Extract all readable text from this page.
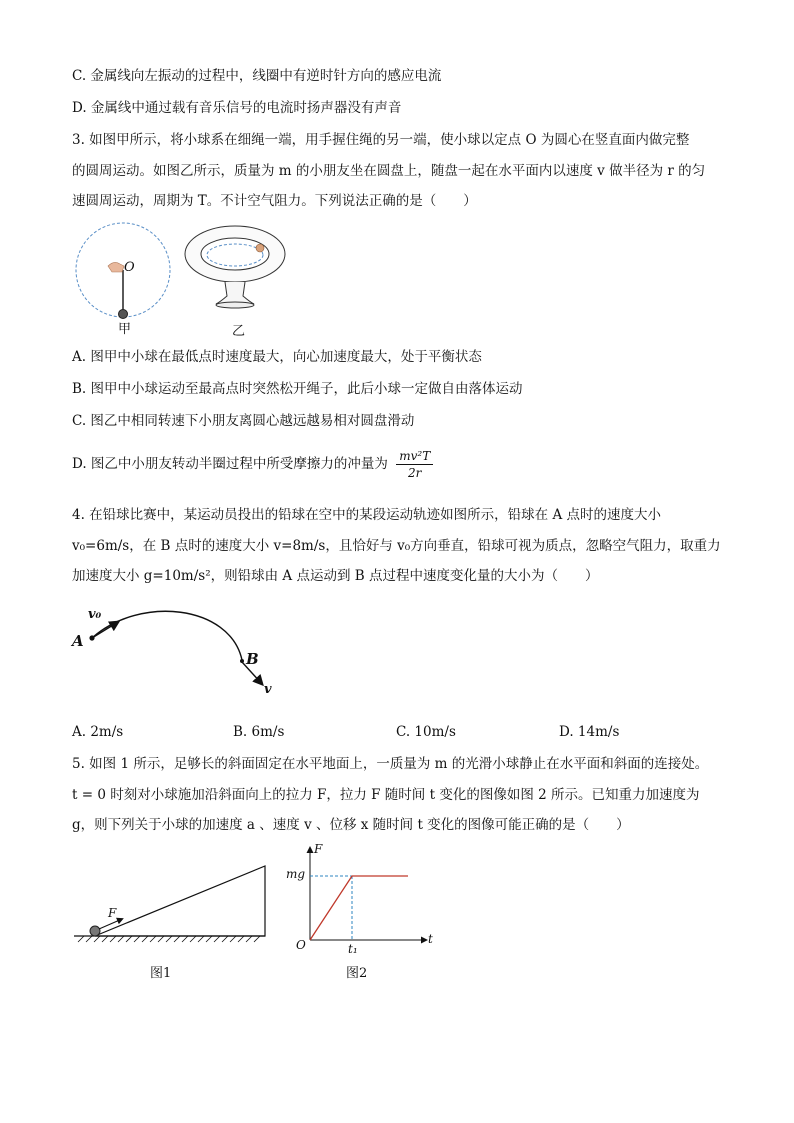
C. 金属线向左振动的过程中，线圈中有逆时针方向的感应电流
D. 金属线中通过载有音乐信号的电流时扬声器没有声音
3. 如图甲所示，将小球系在细绳一端，用手握住绳的另一端，使小球以定点 O 为圆心在竖直面内做完整
的圆周运动。如图乙所示，质量为 m 的小朋友坐在圆盘上，随盘一起在水平面内以速度 v 做半径为 r 的匀
速圆周运动，周期为 T。不计空气阻力。下列说法正确的是（　　）
O
甲	乙
A. 图甲中小球在最低点时速度最大，向心加速度最大，处于平衡状态
B. 图甲中小球运动至最高点时突然松开绳子，此后小球一定做自由落体运动
C. 图乙中相同转速下小朋友离圆心越远越易相对圆盘滑动
D. 图乙中小朋友转动半圈过程中所受摩擦力的冲量为 $\frac{\text{mv²T}}{2r}$
4. 在铅球比赛中，某运动员投出的铅球在空中的某段运动轨迹如图所示，铅球在 A 点时的速度大小
v₀=6m/s，在 B 点时的速度大小 v=8m/s，且恰好与 v₀方向垂直，铅球可视为质点，忽略空气阻力，取重力
加速度大小 g=10m/s²，则铅球由 A 点运动到 B 点过程中速度变化量的大小为（　　）
A
v₀
B
v
A. 2m/s	B. 6m/s	C. 10m/s	D. 14m/s
5. 如图 1 所示，足够长的斜面固定在水平地面上，一质量为 m 的光滑小球静止在水平面和斜面的连接处。
t = 0 时刻对小球施加沿斜面向上的拉力 F，拉力 F 随时间 t 变化的图像如图 2 所示。已知重力加速度为
g，则下列关于小球的加速度 a 、速度 v 、位移 x 随时间 t 变化的图像可能正确的是（　　）
F
图1
F
t
mg
O	t₁
图2
